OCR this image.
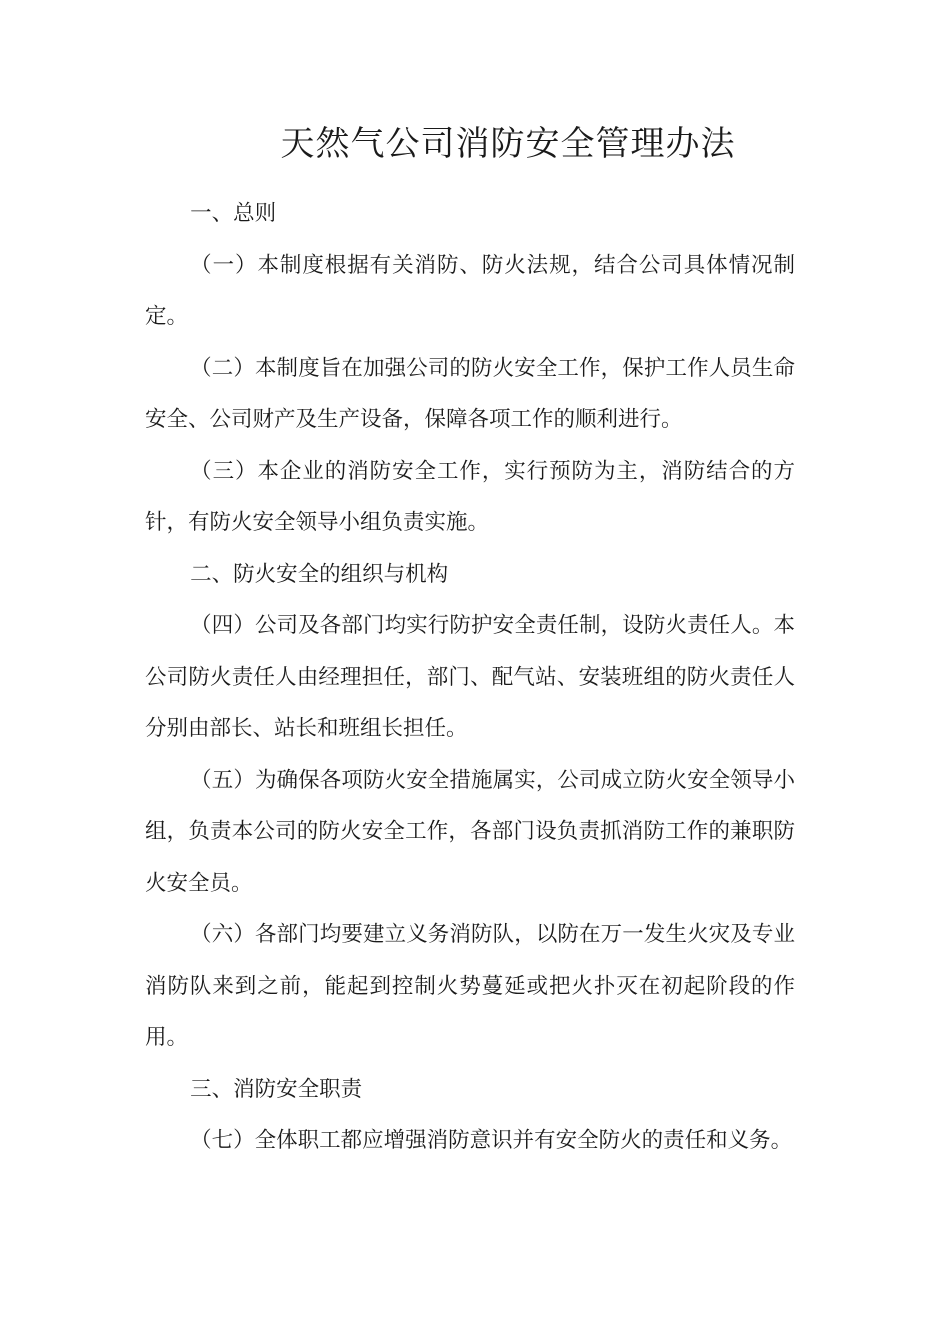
天然气公司消防安全管理办法

一、总则

（一）本制度根据有关消防、防火法规，结合公司具体情况制定。

（二）本制度旨在加强公司的防火安全工作，保护工作人员生命安全、公司财产及生产设备，保障各项工作的顺利进行。

（三）本企业的消防安全工作，实行预防为主，消防结合的方针，有防火安全领导小组负责实施。

二、防火安全的组织与机构

（四）公司及各部门均实行防护安全责任制，设防火责任人。本公司防火责任人由经理担任，部门、配气站、安装班组的防火责任人分别由部长、站长和班组长担任。

（五）为确保各项防火安全措施属实，公司成立防火安全领导小组，负责本公司的防火安全工作，各部门设负责抓消防工作的兼职防火安全员。

（六）各部门均要建立义务消防队，以防在万一发生火灾及专业消防队来到之前，能起到控制火势蔓延或把火扑灭在初起阶段的作用。

三、消防安全职责

（七）全体职工都应增强消防意识并有安全防火的责任和义务。
